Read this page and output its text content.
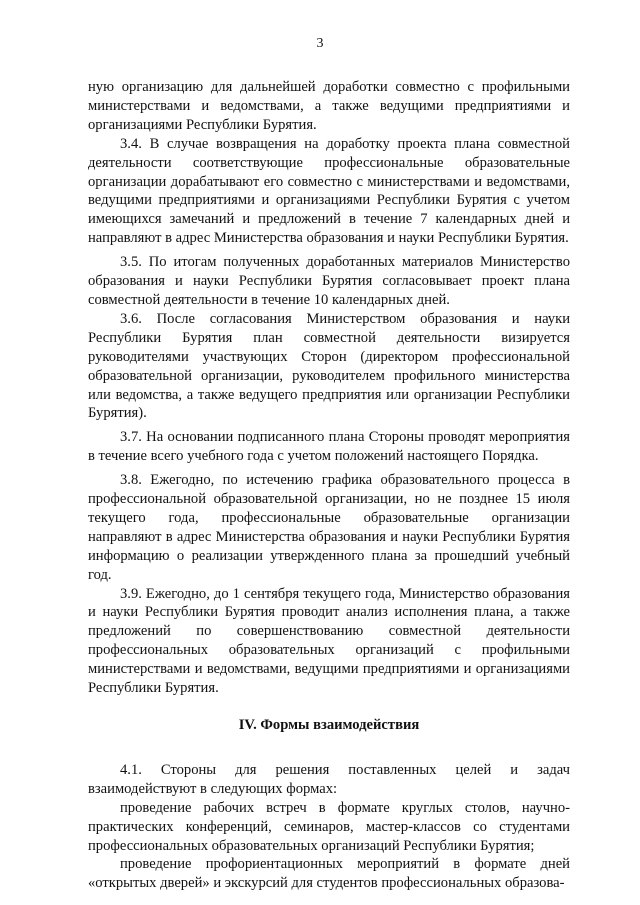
3

ную организацию для дальнейшей доработки совместно с профильными министерствами и ведомствами, а также ведущими предприятиями и организациями Республики Бурятия.

3.4. В случае возвращения на доработку проекта плана совместной деятельности соответствующие профессиональные образовательные организации дорабатывают его совместно с министерствами и ведомствами, ведущими предприятиями и организациями Республики Бурятия с учетом имеющихся замечаний и предложений в течение 7 календарных дней и направляют в адрес Министерства образования и науки Республики Бурятия.

3.5. По итогам полученных доработанных материалов Министерство образования и науки Республики Бурятия согласовывает проект плана совместной деятельности в течение 10 календарных дней.

3.6. После согласования Министерством образования и науки Республики Бурятия план совместной деятельности визируется руководителями участвующих Сторон (директором профессиональной образовательной организации, руководителем профильного министерства или ведомства, а также ведущего предприятия или организации Республики Бурятия).

3.7. На основании подписанного плана Стороны проводят мероприятия в течение всего учебного года с учетом положений настоящего Порядка.

3.8. Ежегодно, по истечению графика образовательного процесса в профессиональной образовательной организации, но не позднее 15 июля текущего года, профессиональные образовательные организации направляют в адрес Министерства образования и науки Республики Бурятия информацию о реализации утвержденного плана за прошедший учебный год.

3.9. Ежегодно, до 1 сентября текущего года, Министерство образования и науки Республики Бурятия проводит анализ исполнения плана, а также предложений по совершенствованию совместной деятельности профессиональных образовательных организаций с профильными министерствами и ведомствами, ведущими предприятиями и организациями Республики Бурятия.

IV. Формы взаимодействия

4.1. Стороны для решения поставленных целей и задач взаимодействуют в следующих формах:

проведение рабочих встреч в формате круглых столов, научно-практических конференций, семинаров, мастер-классов со студентами профессиональных образовательных организаций Республики Бурятия;

проведение профориентационных мероприятий в формате дней «открытых дверей» и экскурсий для студентов профессиональных образова-
